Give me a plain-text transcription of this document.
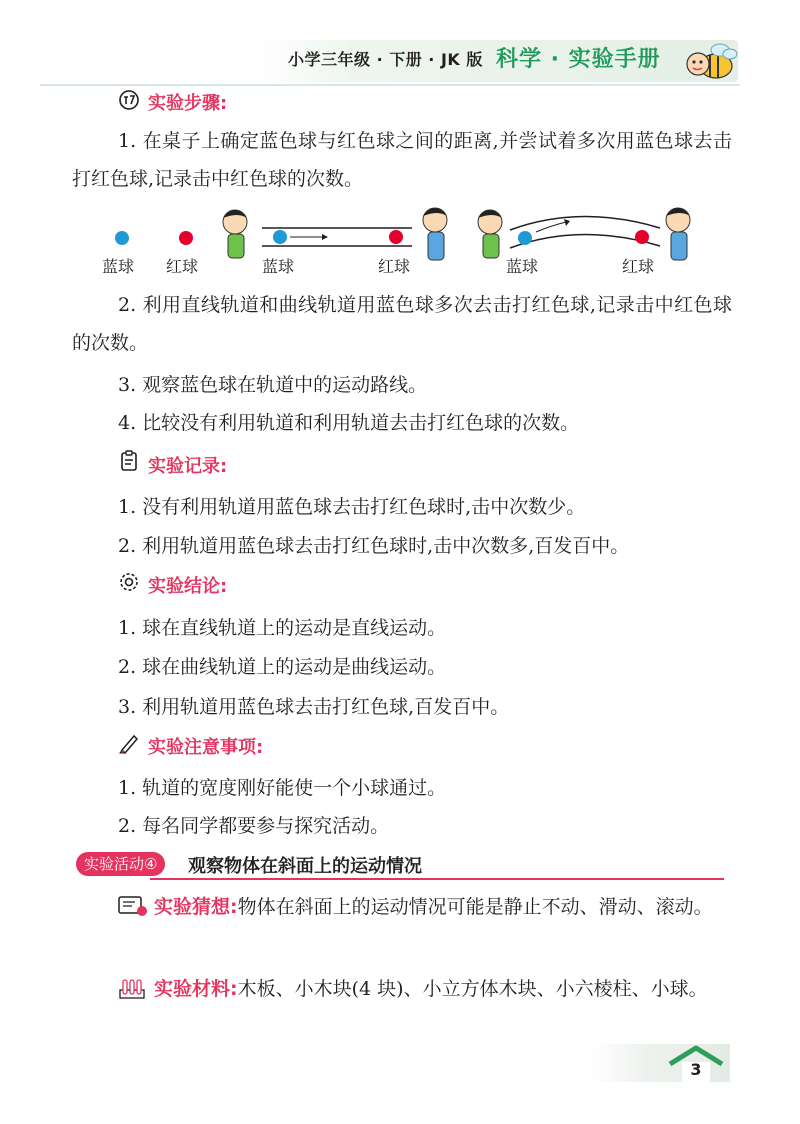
小学三年级 · 下册 · JK 版 科学 · 实验手册
实验步骤:
1. 在桌子上确定蓝色球与红色球之间的距离,并尝试着多次用蓝色球去击打红色球,记录击中红色球的次数。
蓝球 红球	蓝球	红球	蓝球	红球
2. 利用直线轨道和曲线轨道用蓝色球多次去击打红色球,记录击中红色球的次数。
3. 观察蓝色球在轨道中的运动路线。
4. 比较没有利用轨道和利用轨道去击打红色球的次数。
实验记录:
1. 没有利用轨道用蓝色球去击打红色球时,击中次数少。
2. 利用轨道用蓝色球去击打红色球时,击中次数多,百发百中。
实验结论:
1. 球在直线轨道上的运动是直线运动。
2. 球在曲线轨道上的运动是曲线运动。
3. 利用轨道用蓝色球去击打红色球,百发百中。
实验注意事项:
1. 轨道的宽度刚好能使一个小球通过。
2. 每名同学都要参与探究活动。
实验活动④	观察物体在斜面上的运动情况
实验猜想:物体在斜面上的运动情况可能是静止不动、滑动、滚动。
实验材料:木板、小木块(4 块)、小立方体木块、小六棱柱、小球。
3
